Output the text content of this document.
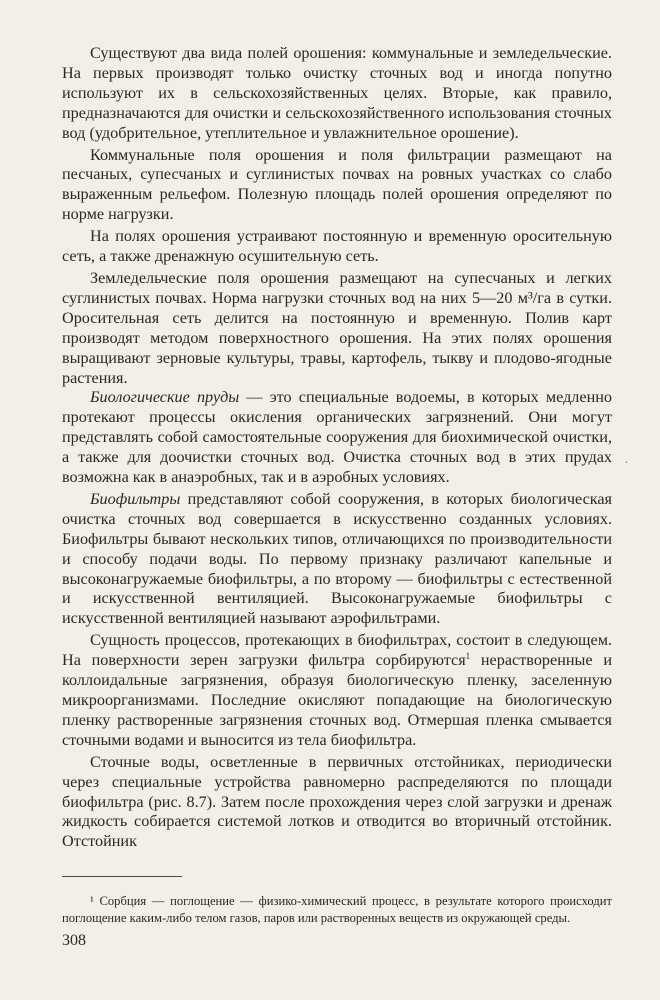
Существуют два вида полей орошения: коммунальные и земледельческие. На первых производят только очистку сточных вод и иногда попутно используют их в сельскохозяйственных целях. Вторые, как правило, предназначаются для очистки и сельскохозяйственного использования сточных вод (удобрительное, утеплительное и увлажнительное орошение).

Коммунальные поля орошения и поля фильтрации размещают на песчаных, супесчаных и суглинистых почвах на ровных участках со слабо выраженным рельефом. Полезную площадь полей орошения определяют по норме нагрузки.

На полях орошения устраивают постоянную и временную оросительную сеть, а также дренажную осушительную сеть.

Земледельческие поля орошения размещают на супесчаных и легких суглинистых почвах. Норма нагрузки сточных вод на них 5—20 м³/га в сутки. Оросительная сеть делится на постоянную и временную. Полив карт производят методом поверхностного орошения. На этих полях орошения выращивают зерновые культуры, травы, картофель, тыкву и плодово-ягодные растения.

Биологические пруды — это специальные водоемы, в которых медленно протекают процессы окисления органических загрязнений. Они могут представлять собой самостоятельные сооружения для биохимической очистки, а также для доочистки сточных вод. Очистка сточных вод в этих прудах возможна как в анаэробных, так и в аэробных условиях.

Биофильтры представляют собой сооружения, в которых биологическая очистка сточных вод совершается в искусственно созданных условиях. Биофильтры бывают нескольких типов, отличающихся по производительности и способу подачи воды. По первому признаку различают капельные и высоконагружаемые биофильтры, а по второму — биофильтры с естественной и искусственной вентиляцией. Высоконагружаемые биофильтры с искусственной вентиляцией называют аэрофильтрами.

Сущность процессов, протекающих в биофильтрах, состоит в следующем. На поверхности зерен загрузки фильтра сорбируются$^1$ нерастворенные и коллоидальные загрязнения, образуя биологическую пленку, заселенную микроорганизмами. Последние окисляют попадающие на биологическую пленку растворенные загрязнения сточных вод. Отмершая пленка смывается сточными водами и выносится из тела биофильтра.

Сточные воды, осветленные в первичных отстойниках, периодически через специальные устройства равномерно распределяются по площади биофильтра (рис. 8.7). Затем после прохождения через слой загрузки и дренаж жидкость собирается системой лотков и отводится во вторичный отстойник. Отстойник

¹ Сорбция — поглощение — физико-химический процесс, в результате которого происходит поглощение каким-либо телом газов, паров или растворенных веществ из окружающей среды.

308
·
